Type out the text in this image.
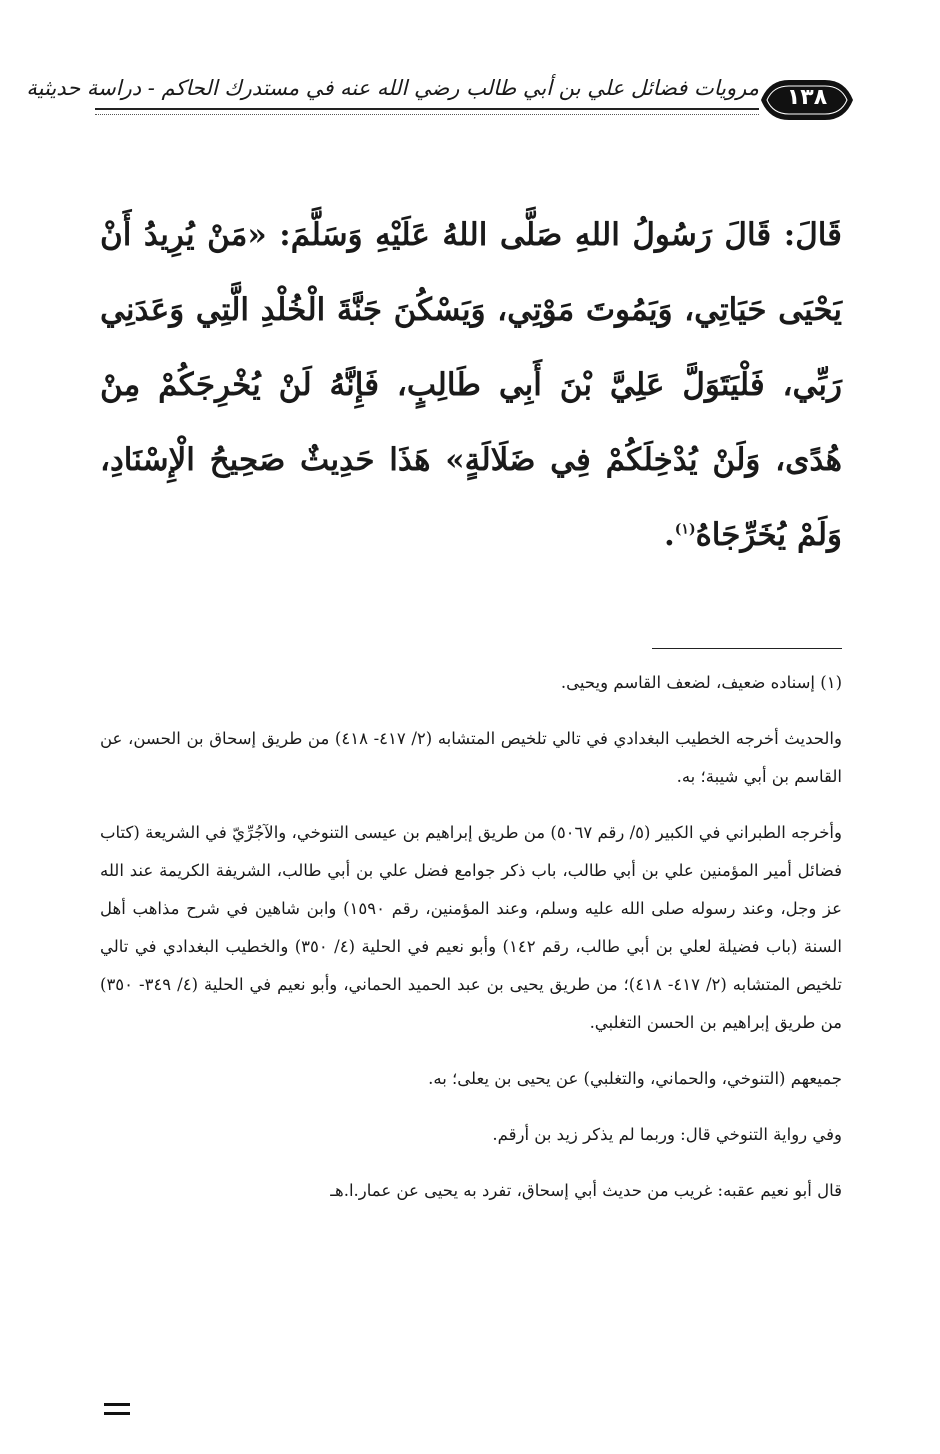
مرويات فضائل علي بن أبي طالب رضي الله عنه في مستدرك الحاكم - دراسة حديثية	١٣٨
قَالَ: قَالَ رَسُولُ اللهِ صَلَّى اللهُ عَلَيْهِ وَسَلَّمَ: «مَنْ يُرِيدُ أَنْ يَحْيَى حَيَاتِي، وَيَمُوتَ مَوْتِي، وَيَسْكُنَ جَنَّةَ الْخُلْدِ الَّتِي وَعَدَنِي رَبِّي، فَلْيَتَوَلَّ عَلِيَّ بْنَ أَبِي طَالِبٍ، فَإِنَّهُ لَنْ يُخْرِجَكُمْ مِنْ هُدًى، وَلَنْ يُدْخِلَكُمْ فِي ضَلَالَةٍ» هَذَا حَدِيثٌ صَحِيحُ الْإِسْنَادِ، وَلَمْ يُخَرِّجَاهُ$^{(١)}$.

(١) إسناده ضعيف، لضعف القاسم ويحيى.

والحديث أخرجه الخطيب البغدادي في تالي تلخيص المتشابه (٢/ ٤١٧- ٤١٨) من طريق إسحاق بن الحسن، عن القاسم بن أبي شيبة؛ به.

وأخرجه الطبراني في الكبير (٥/ رقم ٥٠٦٧) من طريق إبراهيم بن عيسى التنوخي، والآجُرِّيّ في الشريعة (كتاب فضائل أمير المؤمنين علي بن أبي طالب، باب ذكر جوامع فضل علي بن أبي طالب، الشريفة الكريمة عند الله عز وجل، وعند رسوله صلى الله عليه وسلم، وعند المؤمنين، رقم ١٥٩٠) وابن شاهين في شرح مذاهب أهل السنة (باب فضيلة لعلي بن أبي طالب، رقم ١٤٢) وأبو نعيم في الحلية (٤/ ٣٥٠) والخطيب البغدادي في تالي تلخيص المتشابه (٢/ ٤١٧- ٤١٨)؛ من طريق يحيى بن عبد الحميد الحماني، وأبو نعيم في الحلية (٤/ ٣٤٩- ٣٥٠) من طريق إبراهيم بن الحسن التغلبي.

جميعهم (التنوخي، والحماني، والتغلبي) عن يحيى بن يعلى؛ به.

وفي رواية التنوخي قال: وربما لم يذكر زيد بن أرقم.

قال أبو نعيم عقبه: غريب من حديث أبي إسحاق، تفرد به يحيى عن عمار.ا.هـ
